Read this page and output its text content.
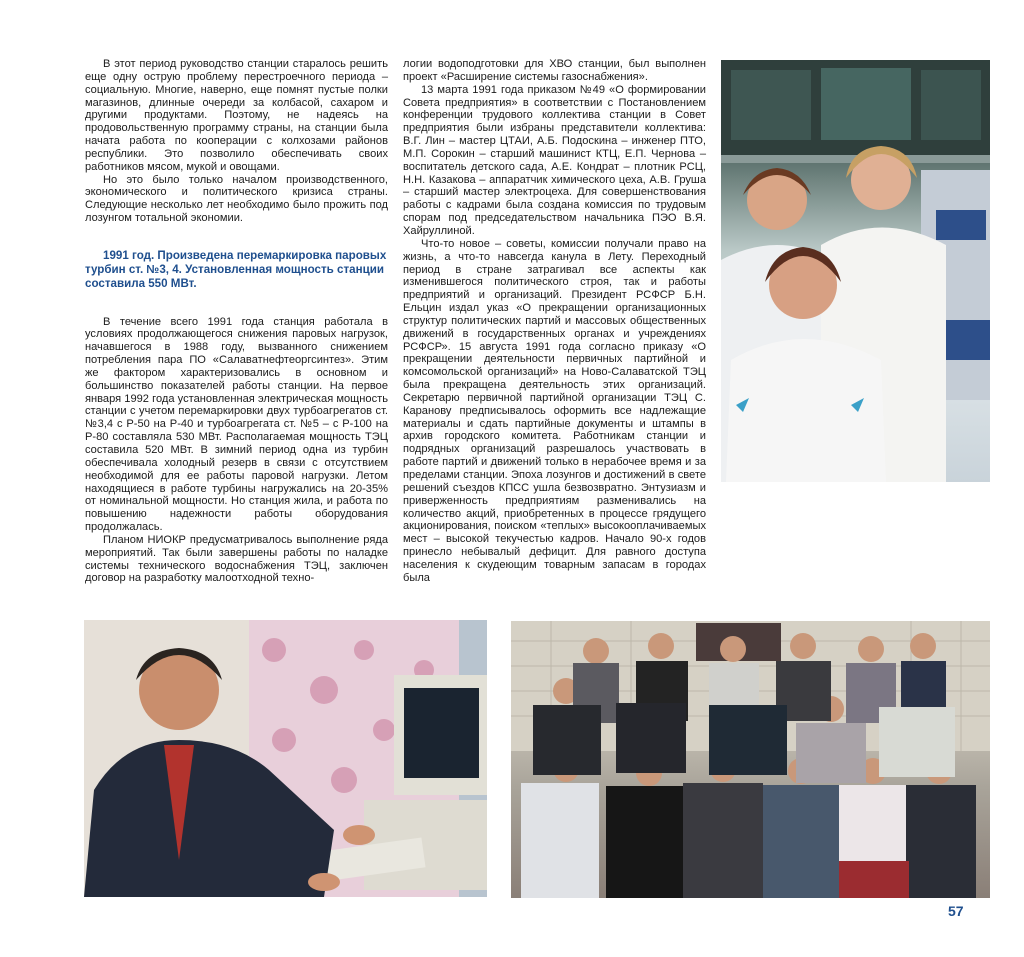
В этот период руководство станции старалось решить еще одну острую проблему перестроечного периода – социальную. Многие, наверно, еще помнят пустые полки магазинов, длинные очереди за колбасой, сахаром и другими продуктами. Поэтому, не надеясь на продовольственную программу страны, на станции была начата работа по кооперации с колхозами районов республики. Это позволило обеспечивать своих работников мясом, мукой и овощами.

Но это было только началом производственного, экономического и политического кризиса страны. Следующие несколько лет необходимо было прожить под лозунгом тотальной экономии.

1991 год. Произведена перемаркировка паровых турбин ст. №3, 4. Установленная мощность станции составила 550 МВт.

В течение всего 1991 года станция работала в условиях продолжающегося снижения паровых нагрузок, начавшегося в 1988 году, вызванного снижением потребления пара ПО «Салаватнефтеоргсинтез». Этим же фактором характеризовались в основном и большинство показателей работы станции. На первое января 1992 года установленная электрическая мощность станции с учетом перемаркировки двух турбоагрегатов ст. №3,4 с Р-50 на Р-40 и турбоагрегата ст. №5 – с Р-100 на Р-80 составляла 530 МВт. Располагаемая мощность ТЭЦ составила 520 МВт. В зимний период одна из турбин обеспечивала холодный резерв в связи с отсутствием необходимой для ее работы паровой нагрузки. Летом находящиеся в работе турбины нагружались на 20-35% от номинальной мощности. Но станция жила, и работа по повышению надежности работы оборудования продолжалась.

Планом НИОКР предусматривалось выполнение ряда мероприятий. Так были завершены работы по наладке системы технического водоснабжения ТЭЦ, заключен договор на разработку малоотходной техно-

логии водоподготовки для ХВО станции, был выполнен проект «Расширение системы газоснабжения».

13 марта 1991 года приказом №49 «О формировании Совета предприятия» в соответствии с Постановлением конференции трудового коллектива станции в Совет предприятия были избраны представители коллектива: В.Г. Лин – мастер ЦТАИ, А.Б. Подоскина – инженер ПТО, М.П. Сорокин – старший машинист КТЦ, Е.П. Чернова – воспитатель детского сада, А.Е. Кондрат – плотник РСЦ, Н.Н. Казакова – аппаратчик химического цеха, А.В. Груша – старший мастер электроцеха. Для совершенствования работы с кадрами была создана комиссия по трудовым спорам под председательством начальника ПЭО В.Я. Хайруллиной.

Что-то новое – советы, комиссии получали право на жизнь, а что-то навсегда канула в Лету. Переходный период в стране затрагивал все аспекты как изменившегося политического строя, так и работы предприятий и организаций. Президент РСФСР Б.Н. Ельцин издал указ «О прекращении организационных структур политических партий и массовых общественных движений в государственных органах и учреждениях РСФСР». 15 августа 1991 года согласно приказу «О прекращении деятельности первичных партийной и комсомольской организаций» на Ново-Салаватской ТЭЦ была прекращена деятельность этих организаций. Секретарю первичной партийной организации ТЭЦ С. Каранову предписывалось оформить все надлежащие материалы и сдать партийные документы и штампы в архив городского комитета. Работникам станции и подрядных организаций разрешалось участвовать в работе партий и движений только в нерабочее время и за пределами станции. Эпоха лозунгов и достижений в свете решений съездов КПСС ушла безвозвратно. Энтузиазм и приверженность предприятиям разменивались на количество акций, приобретенных в процессе грядущего акционирования, поиском «теплых» высокооплачиваемых мест – высокой текучестью кадров. Начало 90-х годов принесло небывалый дефицит. Для равного доступа населения к скудеющим товарным запасам в городах была

57
